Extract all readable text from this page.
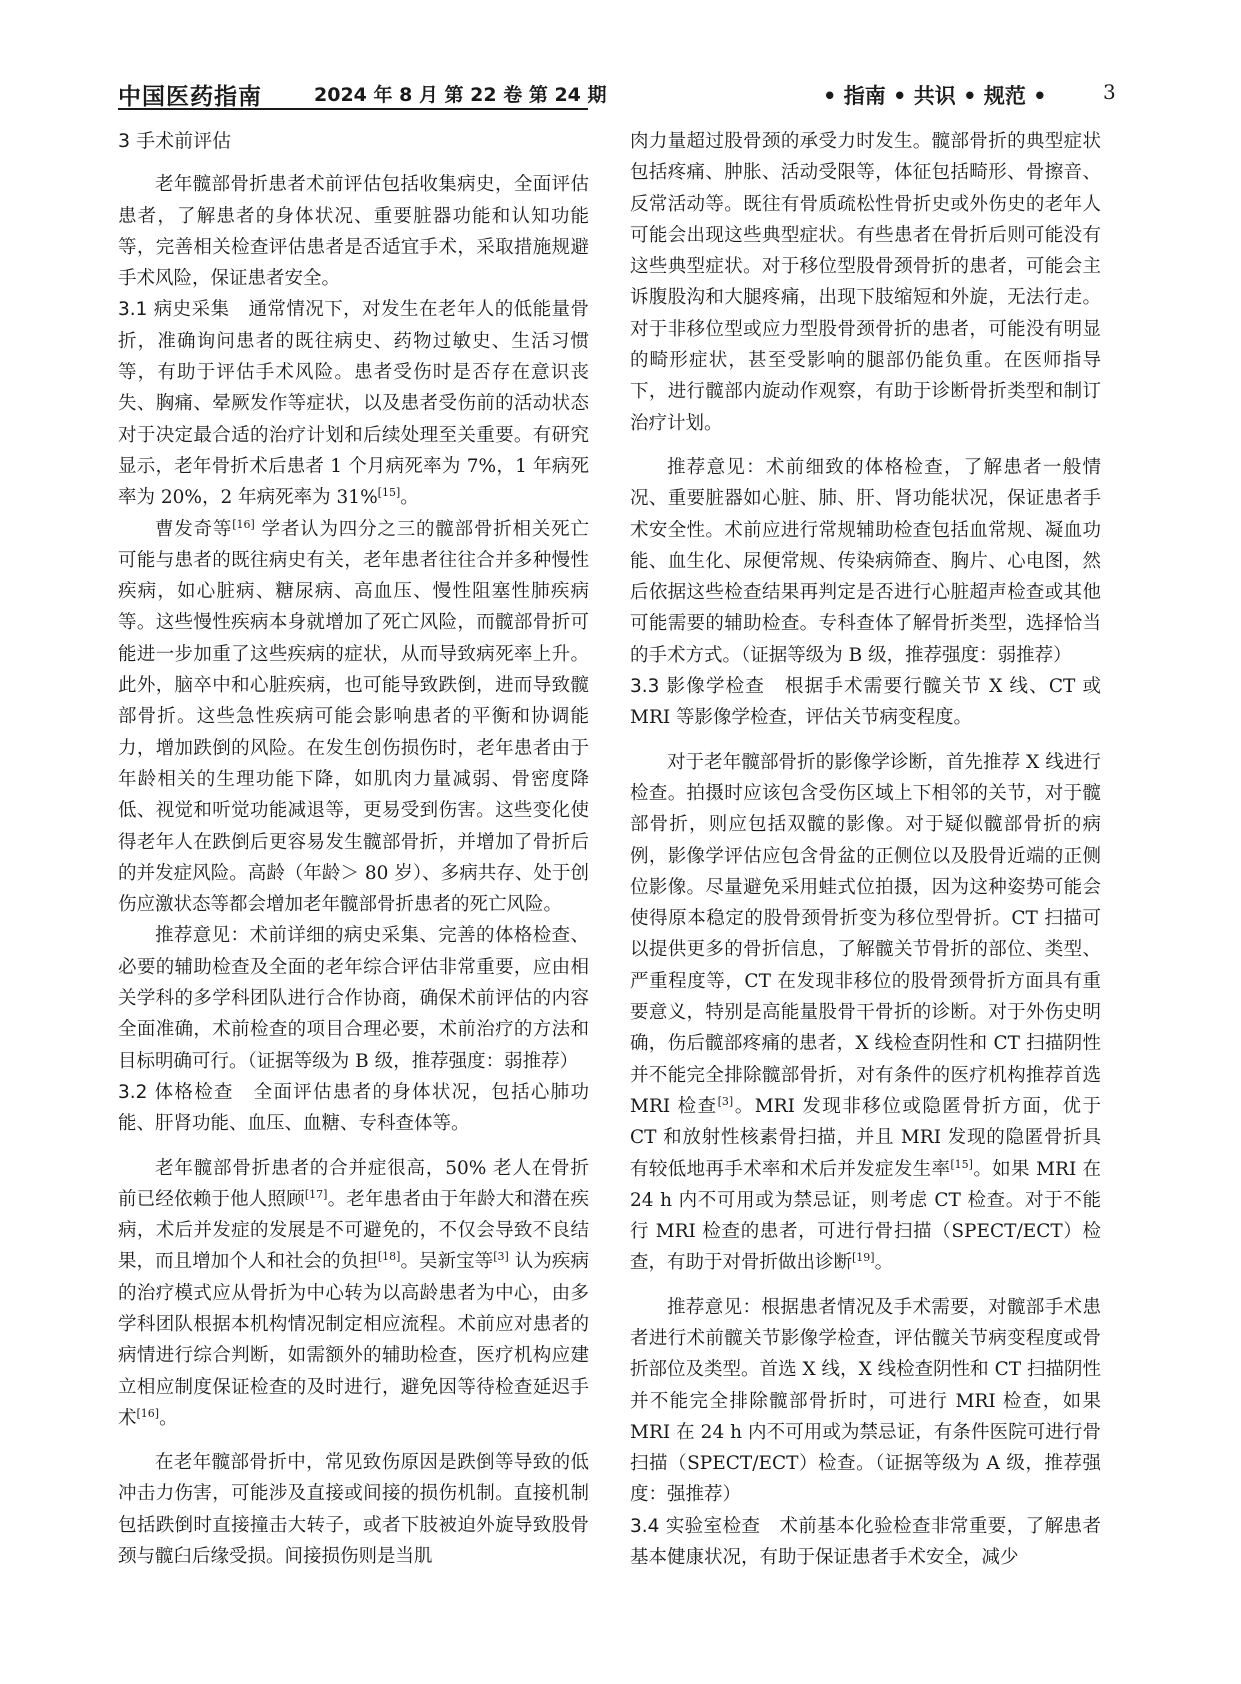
中国医药指南	2024 年 8 月 第 22 卷 第 24 期	• 指南 • 共识 • 规范 •	3
3 手术前评估

老年髋部骨折患者术前评估包括收集病史，全面评估患者，了解患者的身体状况、重要脏器功能和认知功能等，完善相关检查评估患者是否适宜手术，采取措施规避手术风险，保证患者安全。

3.1 病史采集　 通常情况下，对发生在老年人的低能量骨折，准确询问患者的既往病史、药物过敏史、生活习惯等，有助于评估手术风险。患者受伤时是否存在意识丧失、胸痛、晕厥发作等症状，以及患者受伤前的活动状态对于决定最合适的治疗计划和后续处理至关重要。有研究显示，老年骨折术后患者 1 个月病死率为 7%，1 年病死率为 20%，2 年病死率为 31%[15]。

曹发奇等[16] 学者认为四分之三的髋部骨折相关死亡可能与患者的既往病史有关，老年患者往往合并多种慢性疾病，如心脏病、糖尿病、高血压、慢性阻塞性肺疾病等。这些慢性疾病本身就增加了死亡风险，而髋部骨折可能进一步加重了这些疾病的症状，从而导致病死率上升。此外，脑卒中和心脏疾病，也可能导致跌倒，进而导致髋部骨折。这些急性疾病可能会影响患者的平衡和协调能力，增加跌倒的风险。在发生创伤损伤时，老年患者由于年龄相关的生理功能下降，如肌肉力量减弱、骨密度降低、视觉和听觉功能减退等，更易受到伤害。这些变化使得老年人在跌倒后更容易发生髋部骨折，并增加了骨折后的并发症风险。高龄（年龄＞ 80 岁）、多病共存、处于创伤应激状态等都会增加老年髋部骨折患者的死亡风险。

推荐意见：术前详细的病史采集、完善的体格检查、必要的辅助检查及全面的老年综合评估非常重要，应由相关学科的多学科团队进行合作协商，确保术前评估的内容全面准确，术前检查的项目合理必要，术前治疗的方法和目标明确可行。（证据等级为 B 级，推荐强度：弱推荐）

3.2 体格检查　 全面评估患者的身体状况，包括心肺功能、肝肾功能、血压、血糖、专科查体等。

老年髋部骨折患者的合并症很高，50% 老人在骨折前已经依赖于他人照顾[17]。老年患者由于年龄大和潜在疾病，术后并发症的发展是不可避免的，不仅会导致不良结果，而且增加个人和社会的负担[18]。吴新宝等[3] 认为疾病的治疗模式应从骨折为中心转为以高龄患者为中心，由多学科团队根据本机构情况制定相应流程。术前应对患者的病情进行综合判断，如需额外的辅助检查，医疗机构应建立相应制度保证检查的及时进行，避免因等待检查延迟手术[16]。

在老年髋部骨折中，常见致伤原因是跌倒等导致的低冲击力伤害，可能涉及直接或间接的损伤机制。直接机制包括跌倒时直接撞击大转子，或者下肢被迫外旋导致股骨颈与髋臼后缘受损。间接损伤则是当肌

肉力量超过股骨颈的承受力时发生。髋部骨折的典型症状包括疼痛、肿胀、活动受限等，体征包括畸形、骨擦音、反常活动等。既往有骨质疏松性骨折史或外伤史的老年人可能会出现这些典型症状。有些患者在骨折后则可能没有这些典型症状。对于移位型股骨颈骨折的患者，可能会主诉腹股沟和大腿疼痛，出现下肢缩短和外旋，无法行走。对于非移位型或应力型股骨颈骨折的患者，可能没有明显的畸形症状，甚至受影响的腿部仍能负重。在医师指导下，进行髋部内旋动作观察，有助于诊断骨折类型和制订治疗计划。

推荐意见：术前细致的体格检查，了解患者一般情况、重要脏器如心脏、肺、肝、肾功能状况，保证患者手术安全性。术前应进行常规辅助检查包括血常规、凝血功能、血生化、尿便常规、传染病筛查、胸片、心电图，然后依据这些检查结果再判定是否进行心脏超声检查或其他可能需要的辅助检查。专科查体了解骨折类型，选择恰当的手术方式。（证据等级为 B 级，推荐强度：弱推荐）

3.3 影像学检查　 根据手术需要行髋关节 X 线、CT 或 MRI 等影像学检查，评估关节病变程度。

对于老年髋部骨折的影像学诊断，首先推荐 X 线进行检查。拍摄时应该包含受伤区域上下相邻的关节，对于髋部骨折，则应包括双髋的影像。对于疑似髋部骨折的病例，影像学评估应包含骨盆的正侧位以及股骨近端的正侧位影像。尽量避免采用蛙式位拍摄，因为这种姿势可能会使得原本稳定的股骨颈骨折变为移位型骨折。CT 扫描可以提供更多的骨折信息，了解髋关节骨折的部位、类型、严重程度等，CT 在发现非移位的股骨颈骨折方面具有重要意义，特别是高能量股骨干骨折的诊断。对于外伤史明确，伤后髋部疼痛的患者，X 线检查阴性和 CT 扫描阴性并不能完全排除髋部骨折，对有条件的医疗机构推荐首选 MRI 检查[3]。MRI 发现非移位或隐匿骨折方面，优于 CT 和放射性核素骨扫描，并且 MRI 发现的隐匿骨折具有较低地再手术率和术后并发症发生率[15]。如果 MRI 在 24 h 内不可用或为禁忌证，则考虑 CT 检查。对于不能行 MRI 检查的患者，可进行骨扫描（SPECT/ECT）检查，有助于对骨折做出诊断[19]。

推荐意见：根据患者情况及手术需要，对髋部手术患者进行术前髋关节影像学检查，评估髋关节病变程度或骨折部位及类型。首选 X 线，X 线检查阴性和 CT 扫描阴性并不能完全排除髋部骨折时，可进行 MRI 检查，如果 MRI 在 24 h 内不可用或为禁忌证，有条件医院可进行骨扫描（SPECT/ECT）检查。（证据等级为 A 级，推荐强度：强推荐）

3.4 实验室检查　 术前基本化验检查非常重要，了解患者基本健康状况，有助于保证患者手术安全，减少
